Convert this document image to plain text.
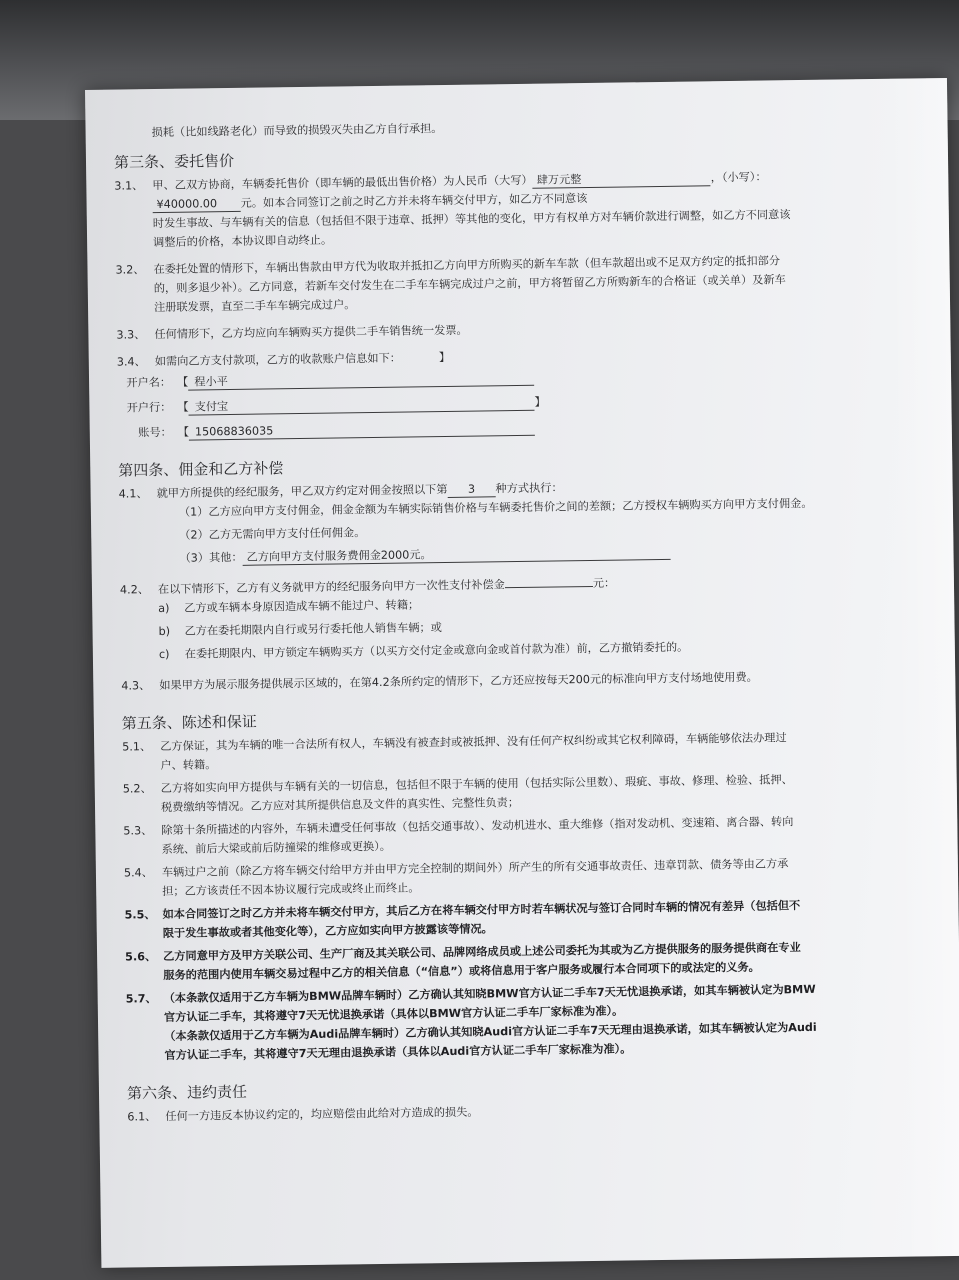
损耗（比如线路老化）而导致的损毁灭失由乙方自行承担。
第三条、委托售价
3.1、 甲、乙双方协商，车辆委托售价（即车辆的最低出售价格）为人民币（大写） 肆万元整	，（小写）：
¥40000.00	元。如本合同签订之前之时乙方并未将车辆交付甲方，如乙方不同意该
时发生事故、与车辆有关的信息（包括但不限于违章、抵押）等其他的变化，甲方有权单方对车辆价款进行调整，如乙方不同意该
调整后的价格，本协议即自动终止。
3.2、 在委托处置的情形下，车辆出售款由甲方代为收取并抵扣乙方向甲方所购买的新车车款（但车款超出或不足双方约定的抵扣部分
的，则多退少补）。乙方同意，若新车交付发生在二手车车辆完成过户之前，甲方将暂留乙方所购新车的合格证（或关单）及新车
注册联发票，直至二手车车辆完成过户。
3.3、 任何情形下，乙方均应向车辆购买方提供二手车销售统一发票。
3.4、 如需向乙方支付款项，乙方的收款账户信息如下：	】
开户名： 【 程小平
开户行： 【 支付宝	】
账号： 【 15068836035
第四条、佣金和乙方补偿
4.1、 就甲方所提供的经纪服务，甲乙双方约定对佣金按照以下第	3	种方式执行：
（1）乙方应向甲方支付佣金，佣金金额为车辆实际销售价格与车辆委托售价之间的差额；乙方授权车辆购买方向甲方支付佣金。
（2）乙方无需向甲方支付任何佣金。
（3）其他： 乙方向甲方支付服务费佣金2000元。
4.2、 在以下情形下，乙方有义务就甲方的经纪服务向甲方一次性支付补偿金	元：
a)	乙方或车辆本身原因造成车辆不能过户、转籍；
b)	乙方在委托期限内自行或另行委托他人销售车辆；或
c)	在委托期限内、甲方锁定车辆购买方（以买方交付定金或意向金或首付款为准）前，乙方撤销委托的。
4.3、 如果甲方为展示服务提供展示区域的，在第4.2条所约定的情形下，乙方还应按每天200元的标准向甲方支付场地使用费。
第五条、陈述和保证
5.1、 乙方保证，其为车辆的唯一合法所有权人，车辆没有被查封或被抵押、没有任何产权纠纷或其它权利障碍，车辆能够依法办理过
户、转籍。
5.2、 乙方将如实向甲方提供与车辆有关的一切信息，包括但不限于车辆的使用（包括实际公里数）、瑕疵、事故、修理、检验、抵押、
税费缴纳等情况。乙方应对其所提供信息及文件的真实性、完整性负责；
5.3、 除第十条所描述的内容外，车辆未遭受任何事故（包括交通事故）、发动机进水、重大维修（指对发动机、变速箱、离合器、转向
系统、前后大梁或前后防撞梁的维修或更换）。
5.4、 车辆过户之前（除乙方将车辆交付给甲方并由甲方完全控制的期间外）所产生的所有交通事故责任、违章罚款、债务等由乙方承
担；乙方该责任不因本协议履行完成或终止而终止。
5.5、 如本合同签订之时乙方并未将车辆交付甲方，其后乙方在将车辆交付甲方时若车辆状况与签订合同时车辆的情况有差异（包括但不
限于发生事故或者其他变化等），乙方应如实向甲方披露该等情况。
5.6、 乙方同意甲方及甲方关联公司、生产厂商及其关联公司、品牌网络成员或上述公司委托为其或为乙方提供服务的服务提供商在专业
服务的范围内使用车辆交易过程中乙方的相关信息（“信息”）或将信息用于客户服务或履行本合同项下的或法定的义务。
5.7、 （本条款仅适用于乙方车辆为BMW品牌车辆时）乙方确认其知晓BMW官方认证二手车7天无忧退换承诺，如其车辆被认定为BMW
官方认证二手车，其将遵守7天无忧退换承诺（具体以BMW官方认证二手车厂家标准为准）。
（本条款仅适用于乙方车辆为Audi品牌车辆时）乙方确认其知晓Audi官方认证二手车7天无理由退换承诺，如其车辆被认定为Audi
官方认证二手车，其将遵守7天无理由退换承诺（具体以Audi官方认证二手车厂家标准为准）。
第六条、违约责任
6.1、 任何一方违反本协议约定的，均应赔偿由此给对方造成的损失。
